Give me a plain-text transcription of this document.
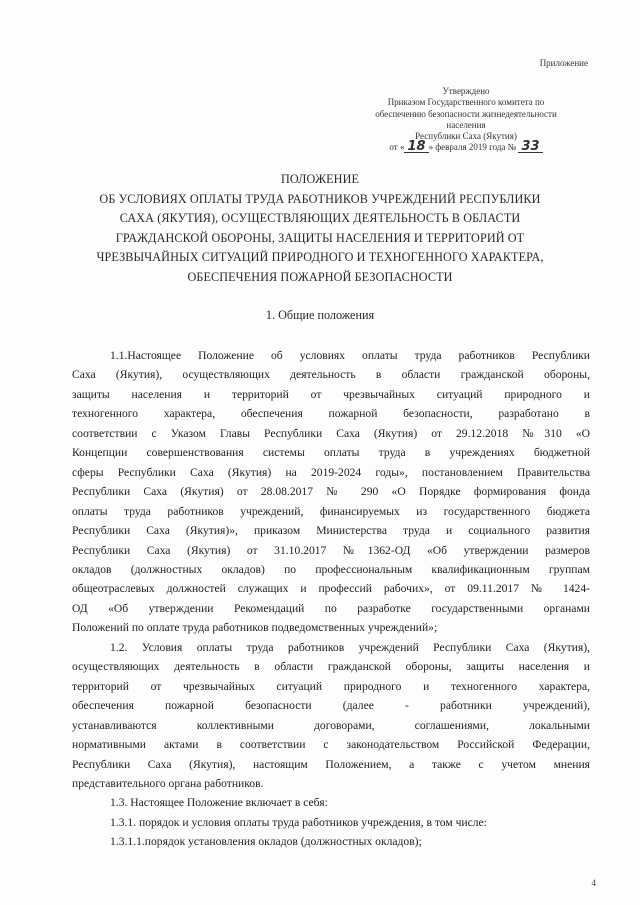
Приложение
Утверждено
Приказом Государственного комитета по
обеспечению безопасности жизнедеятельности
населения
Республики Саха (Якутия)
от « 18 » февраля 2019 года № 33
ПОЛОЖЕНИЕ
ОБ УСЛОВИЯХ ОПЛАТЫ ТРУДА РАБОТНИКОВ УЧРЕЖДЕНИЙ РЕСПУБЛИКИ
САХА (ЯКУТИЯ), ОСУЩЕСТВЛЯЮЩИХ ДЕЯТЕЛЬНОСТЬ В ОБЛАСТИ
ГРАЖДАНСКОЙ ОБОРОНЫ, ЗАЩИТЫ НАСЕЛЕНИЯ И ТЕРРИТОРИЙ ОТ
ЧРЕЗВЫЧАЙНЫХ СИТУАЦИЙ ПРИРОДНОГО И ТЕХНОГЕННОГО ХАРАКТЕРА,
ОБЕСПЕЧЕНИЯ ПОЖАРНОЙ БЕЗОПАСНОСТИ
1. Общие положения
1.1.Настоящее Положение об условиях оплаты труда работников Республики
Саха (Якутия), осуществляющих деятельность в области гражданской обороны,
защиты населения и территорий от чрезвычайных ситуаций природного и
техногенного характера, обеспечения пожарной безопасности, разработано в
соответствии с Указом Главы Республики Саха (Якутия) от 29.12.2018 №310 «О
Концепции совершенствования системы оплаты труда в учреждениях бюджетной
сферы Республики Саха (Якутия) на 2019-2024 годы», постановлением Правительства
Республики Саха (Якутия) от 28.08.2017 № 290 «О Порядке формирования фонда
оплаты труда работников учреждений, финансируемых из государственного бюджета
Республики Саха (Якутия)», приказом Министерства труда и социального развития
Республики Саха (Якутия) от 31.10.2017 №1362-ОД «Об утверждении размеров
окладов (должностных окладов) по профессиональным квалификационным группам
общеотраслевых должностей служащих и профессий рабочих», от 09.11.2017 № 1424-
ОД «Об утверждении Рекомендаций по разработке государственными органами
Положений по оплате труда работников подведомственных учреждений»;
1.2. Условия оплаты труда работников учреждений Республики Саха (Якутия),
осуществляющих деятельность в области гражданской обороны, защиты населения и
территорий от чрезвычайных ситуаций природного и техногенного характера,
обеспечения пожарной безопасности (далее - работники учреждений),
устанавливаются коллективными договорами, соглашениями, локальными
нормативными актами в соответствии с законодательством Российской Федерации,
Республики Саха (Якутия), настоящим Положением, а также с учетом мнения
представительного органа работников.
1.3. Настоящее Положение включает в себя:
1.3.1. порядок и условия оплаты труда работников учреждения, в том числе:
1.3.1.1.порядок установления окладов (должностных окладов);
4
